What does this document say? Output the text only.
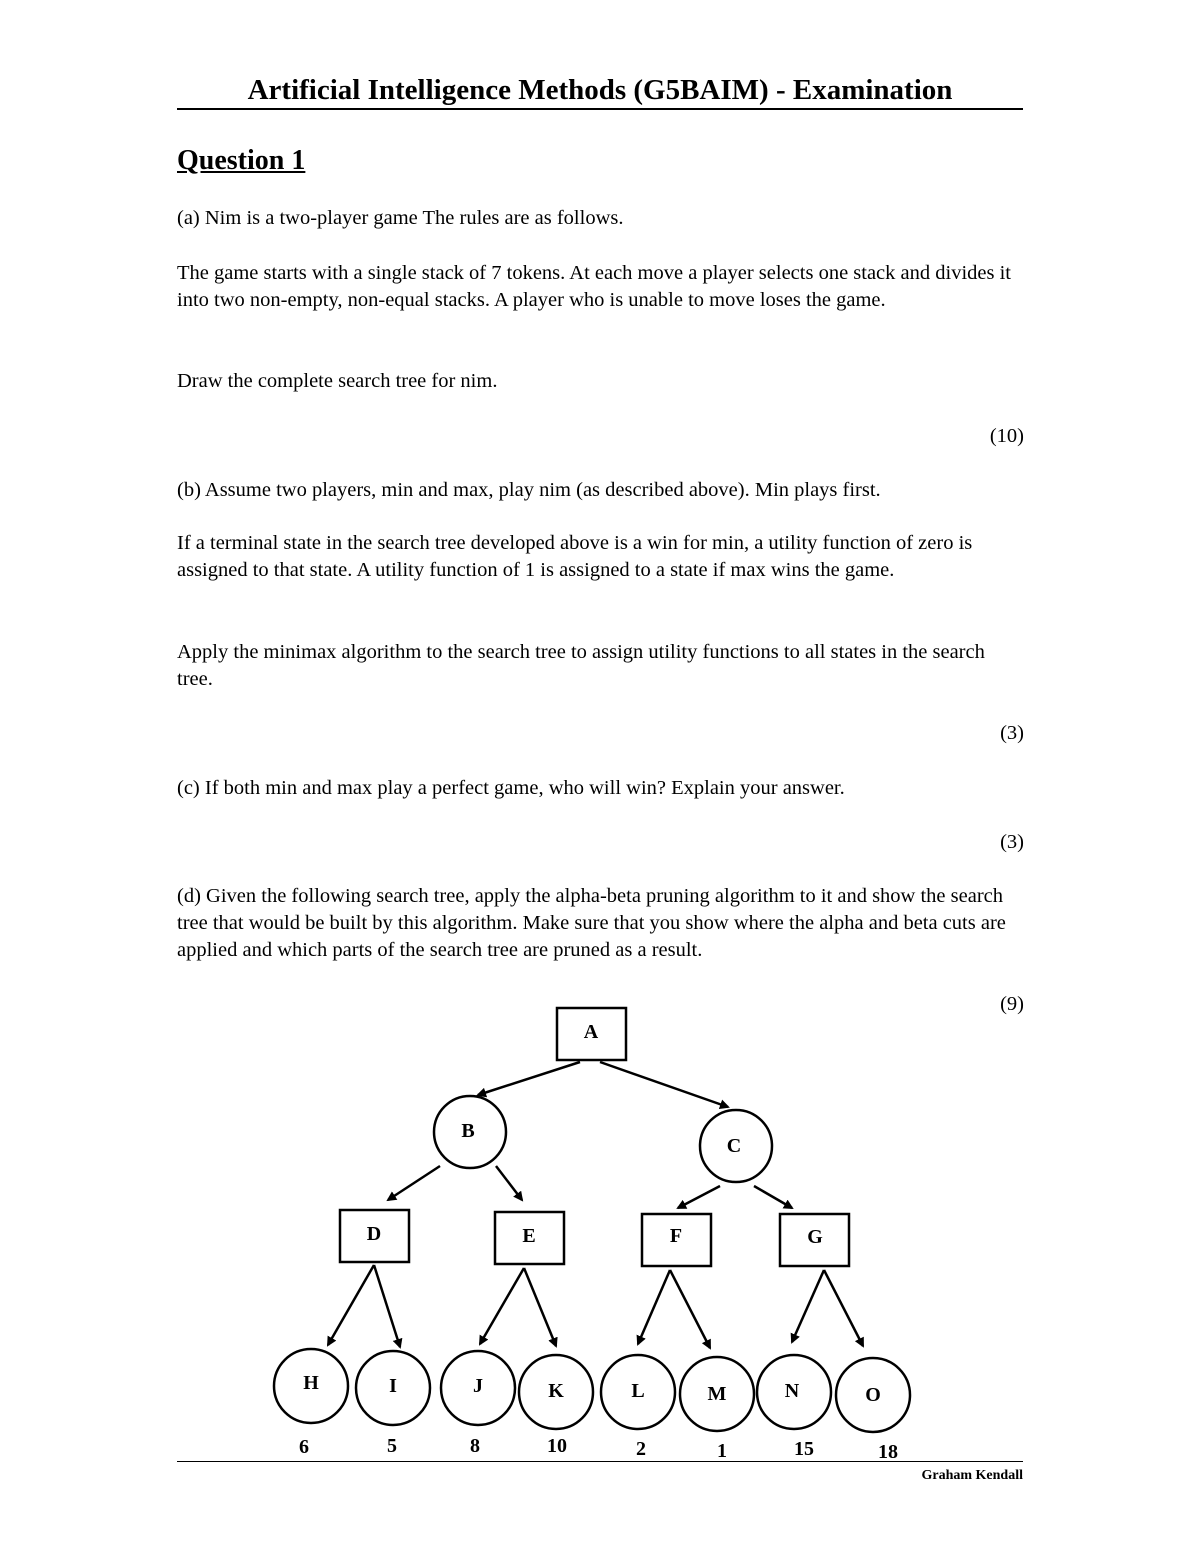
Artificial Intelligence Methods (G5BAIM) - Examination
Question 1

(a) Nim is a two-player game The rules are as follows.

The game starts with a single stack of 7 tokens. At each move a player selects one stack and divides it into two non-empty, non-equal stacks. A player who is unable to move loses the game.

Draw the complete search tree for nim.

(10)

(b) Assume two players, min and max, play nim (as described above). Min plays first.

If a terminal state in the search tree developed above is a win for min, a utility function of zero is assigned to that state. A utility function of 1 is assigned to a state if max wins the game.

Apply the minimax algorithm to the search tree to assign utility functions to all states in the search tree.

(3)

(c) If both min and max play a perfect game, who will win? Explain your answer.

(3)

(d) Given the following search tree, apply the alpha-beta pruning algorithm to it and show the search tree that would be built by this algorithm. Make sure that you show where the alpha and beta cuts are applied and which parts of the search tree are pruned as a result.

(9)
A
B
C
D	E	F	G
H	I	J	K	L	M	N	O
6	5	8	10	2	1	15	18
Graham Kendall
